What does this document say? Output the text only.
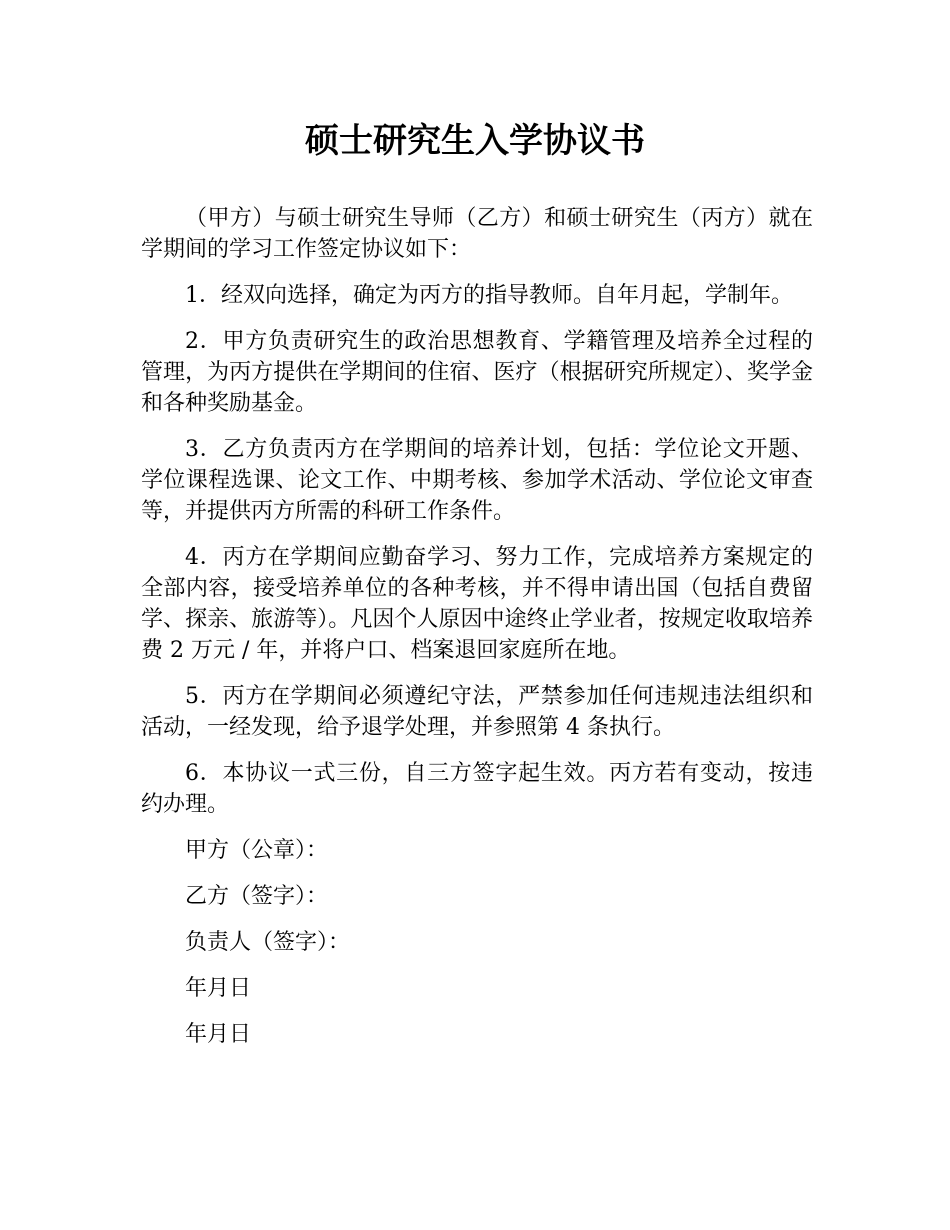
硕士研究生入学协议书

（甲方）与硕士研究生导师（乙方）和硕士研究生（丙方）就在学期间的学习工作签定协议如下：

1．经双向选择，确定为丙方的指导教师。自年月起，学制年。

2．甲方负责研究生的政治思想教育、学籍管理及培养全过程的管理，为丙方提供在学期间的住宿、医疗（根据研究所规定）、奖学金和各种奖励基金。

3．乙方负责丙方在学期间的培养计划，包括：学位论文开题、学位课程选课、论文工作、中期考核、参加学术活动、学位论文审查等，并提供丙方所需的科研工作条件。

4．丙方在学期间应勤奋学习、努力工作，完成培养方案规定的全部内容，接受培养单位的各种考核，并不得申请出国（包括自费留学、探亲、旅游等）。凡因个人原因中途终止学业者，按规定收取培养费 2 万元 / 年，并将户口、档案退回家庭所在地。

5．丙方在学期间必须遵纪守法，严禁参加任何违规违法组织和活动，一经发现，给予退学处理，并参照第 4 条执行。

6．本协议一式三份，自三方签字起生效。丙方若有变动，按违约办理。

甲方（公章）：

乙方（签字）：

负责人（签字）：

年月日

年月日
